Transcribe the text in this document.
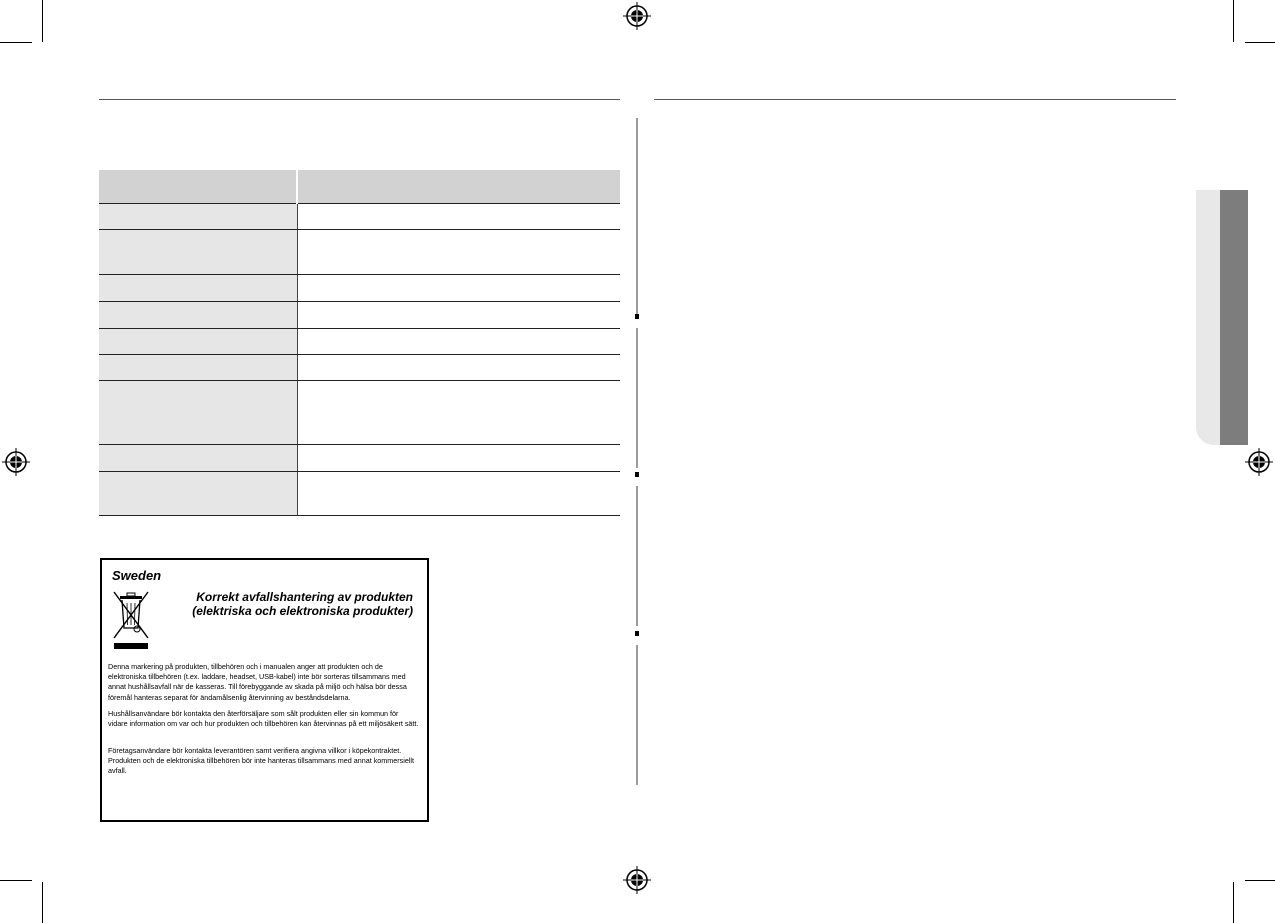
Sweden
Korrekt avfallshantering av produkten
(elektriska och elektroniska produkter)
Denna markering på produkten, tillbehören och i manualen anger att produkten och de elektroniska tillbehören (t.ex. laddare, headset, USB-kabel) inte bör sorteras tillsammans med annat hushållsavfall när de kasseras. Till förebyggande av skada på miljö och hälsa bör dessa föremål hanteras separat för ändamålsenlig återvinning av beståndsdelarna.
Hushållsanvändare bör kontakta den återförsäljare som sålt produkten eller sin kommun för vidare information om var och hur produkten och tillbehören kan återvinnas på ett miljösäkert sätt.
Företagsanvändare bör kontakta leverantören samt verifiera angivna villkor i köpekontraktet. Produkten och de elektroniska tillbehören bör inte hanteras tillsammans med annat kommersiellt avfall.
